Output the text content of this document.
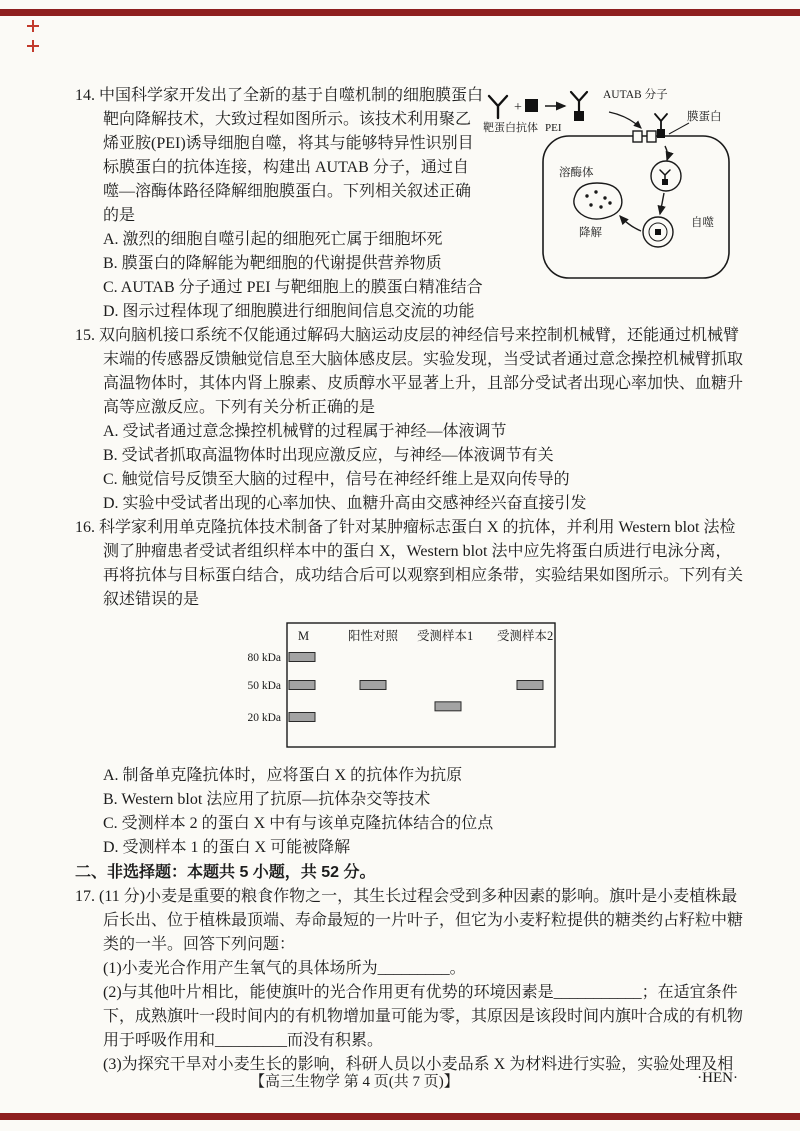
+
AUTAB 分子
靶蛋白抗体 PEI
膜蛋白
自噬
溶酶体
降解
14. 中国科学家开发出了全新的基于自噬机制的细胞膜蛋白靶向降解技术，大致过程如图所示。该技术利用聚乙烯亚胺(PEI)诱导细胞自噬，将其与能够特异性识别目标膜蛋白的抗体连接，构建出 AUTAB 分子，通过自噬—溶酶体路径降解细胞膜蛋白。下列相关叙述正确的是
A. 激烈的细胞自噬引起的细胞死亡属于细胞坏死
B. 膜蛋白的降解能为靶细胞的代谢提供营养物质
C. AUTAB 分子通过 PEI 与靶细胞上的膜蛋白精准结合
D. 图示过程体现了细胞膜进行细胞间信息交流的功能
15. 双向脑机接口系统不仅能通过解码大脑运动皮层的神经信号来控制机械臂，还能通过机械臂末端的传感器反馈触觉信息至大脑体感皮层。实验发现，当受试者通过意念操控机械臂抓取高温物体时，其体内肾上腺素、皮质醇水平显著上升，且部分受试者出现心率加快、血糖升高等应激反应。下列有关分析正确的是
A. 受试者通过意念操控机械臂的过程属于神经—体液调节
B. 受试者抓取高温物体时出现应激反应，与神经—体液调节有关
C. 触觉信号反馈至大脑的过程中，信号在神经纤维上是双向传导的
D. 实验中受试者出现的心率加快、血糖升高由交感神经兴奋直接引发
16. 科学家利用单克隆抗体技术制备了针对某肿瘤标志蛋白 X 的抗体，并利用 Western blot 法检测了肿瘤患者受试者组织样本中的蛋白 X，Western blot 法中应先将蛋白质进行电泳分离，再将抗体与目标蛋白结合，成功结合后可以观察到相应条带，实验结果如图所示。下列有关叙述错误的是
M	阳性对照 受测样本1 受测样本2
80 kDa
50 kDa
20 kDa
A. 制备单克隆抗体时，应将蛋白 X 的抗体作为抗原
B. Western blot 法应用了抗原—抗体杂交等技术
C. 受测样本 2 的蛋白 X 中有与该单克隆抗体结合的位点
D. 受测样本 1 的蛋白 X 可能被降解
二、非选择题：本题共 5 小题，共 52 分。
17. (11 分)小麦是重要的粮食作物之一，其生长过程会受到多种因素的影响。旗叶是小麦植株最后长出、位于植株最顶端、寿命最短的一片叶子，但它为小麦籽粒提供的糖类约占籽粒中糖类的一半。回答下列问题：
(1)小麦光合作用产生氧气的具体场所为_________。
(2)与其他叶片相比，能使旗叶的光合作用更有优势的环境因素是___________；在适宜条件下，成熟旗叶一段时间内的有机物增加量可能为零，其原因是该段时间内旗叶合成的有机物用于呼吸作用和_________而没有积累。
(3)为探究干旱对小麦生长的影响，科研人员以小麦品系 X 为材料进行实验，实验处理及相
【高三生物学 第 4 页(共 7 页)】	·HEN·
